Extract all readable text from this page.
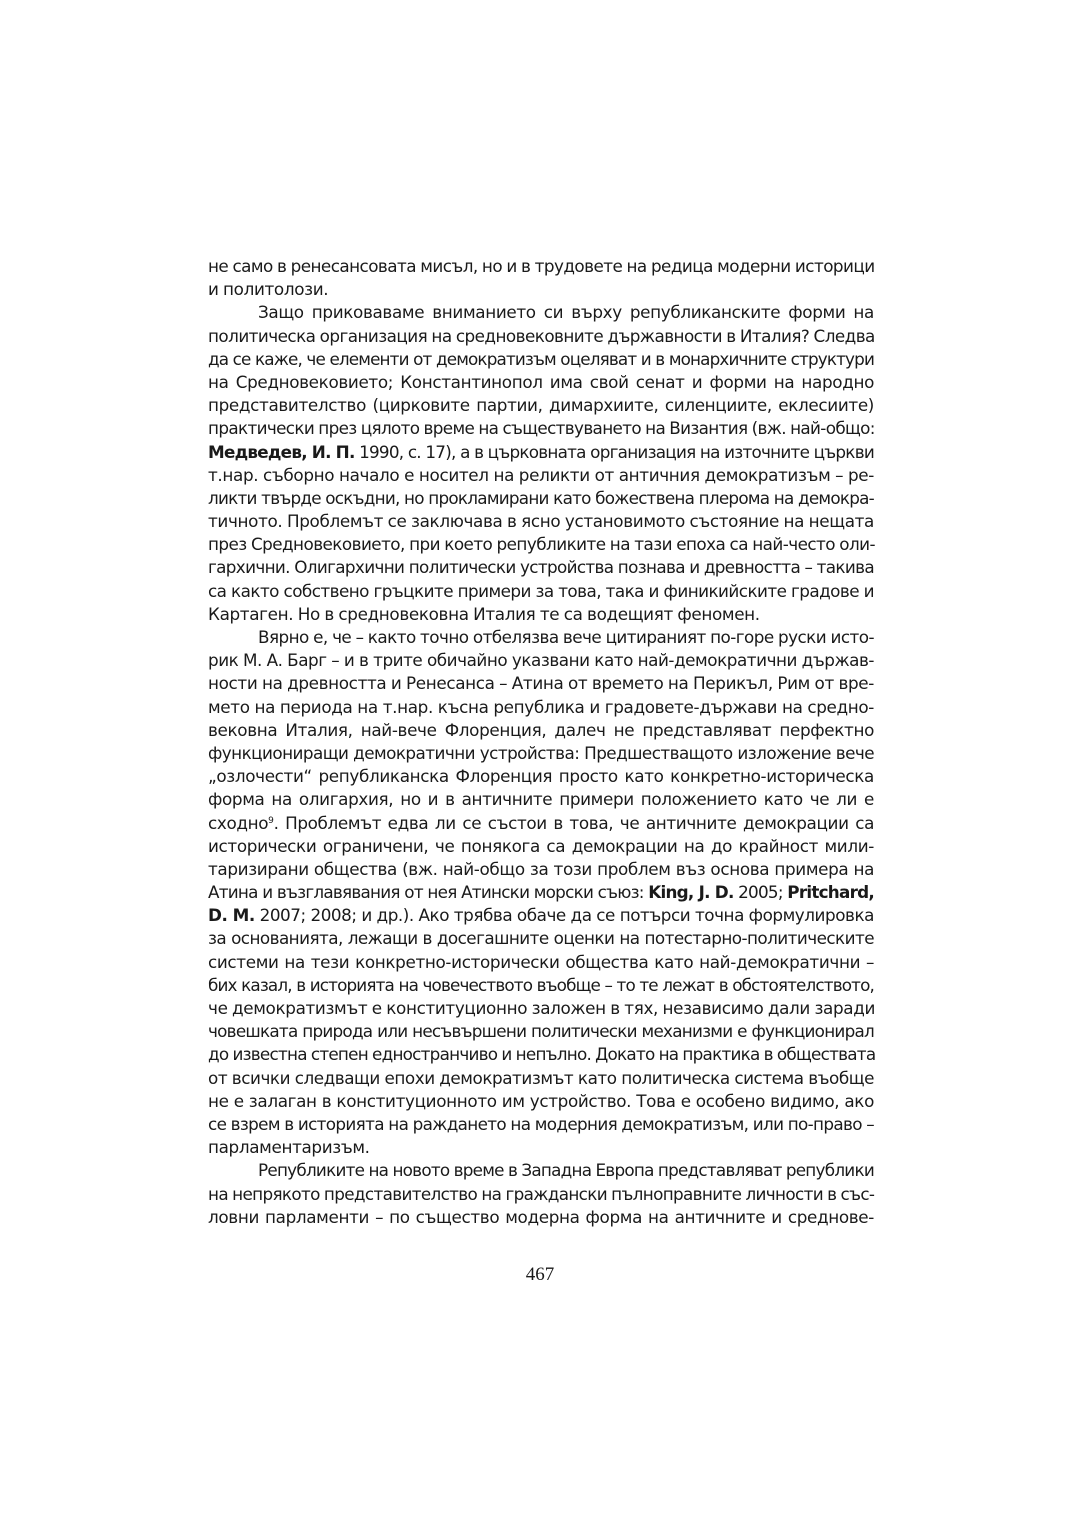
не само в ренесансовата мисъл, но и в трудовете на редица модерни историци
и политолози.
Защо приковаваме вниманието си върху републиканските форми на
политическа организация на средновековните държавности в Италия? Следва
да се каже, че елементи от демократизъм оцеляват и в монархичните структури
на Средновековието; Константинопол има свой сенат и форми на народно
представителство (цирковите партии, димархиите, силенциите, еклесиите)
практически през цялото време на съществуването на Византия (вж. най-общо:
Медведев, И. П. 1990, с. 17), а в църковната организация на източните църкви
т.нар. съборно начало е носител на реликти от античния демократизъм – ре-
ликти твърде оскъдни, но прокламирани като божествена плерома на демокра-
тичното. Проблемът се заключава в ясно установимото състояние на нещата
през Средновековието, при което републиките на тази епоха са най-често оли-
гархични. Олигархични политически устройства познава и древността – такива
са както собствено гръцките примери за това, така и финикийските градове и
Картаген. Но в средновековна Италия те са водещият феномен.
Вярно е, че – както точно отбелязва вече цитираният по-горе руски исто-
рик М. А. Барг – и в трите обичайно указвани като най-демократични държав-
ности на древността и Ренесанса – Атина от времето на Перикъл, Рим от вре-
мето на периода на т.нар. късна република и градовете-държави на средно-
вековна Италия, най-вече Флоренция, далеч не представляват перфектно
функциониращи демократични устройства: Предшестващото изложение вече
„озлочести“ републиканска Флоренция просто като конкретно-историческа
форма на олигархия, но и в античните примери положението като че ли е
сходно$^9$. Проблемът едва ли се състои в това, че античните демокрации са
исторически ограничени, че понякога са демокрации на до крайност мили-
таризирани общества (вж. най-общо за този проблем въз основа примера на
Атина и възглавявания от нея Атински морски съюз: King, J. D. 2005; Pritchard,
D. M. 2007; 2008; и др.). Ако трябва обаче да се потърси точна формулировка
за основанията, лежащи в досегашните оценки на потестарно-политическите
системи на тези конкретно-исторически общества като най-демократични –
бих казал, в историята на човечеството въобще – то те лежат в обстоятелството,
че демократизмът е конституционно заложен в тях, независимо дали заради
човешката природа или несъвършени политически механизми е функционирал
до известна степен едностранчиво и непълно. Докато на практика в обществата
от всички следващи епохи демократизмът като политическа система въобще
не е залаган в конституционното им устройство. Това е особено видимо, ако
се взрем в историята на раждането на модерния демократизъм, или по-право –
парламентаризъм.
Републиките на новото време в Западна Европа представляват републики
на непрякото представителство на граждански пълноправните личности в със-
ловни парламенти – по същество модерна форма на античните и среднове-
467
